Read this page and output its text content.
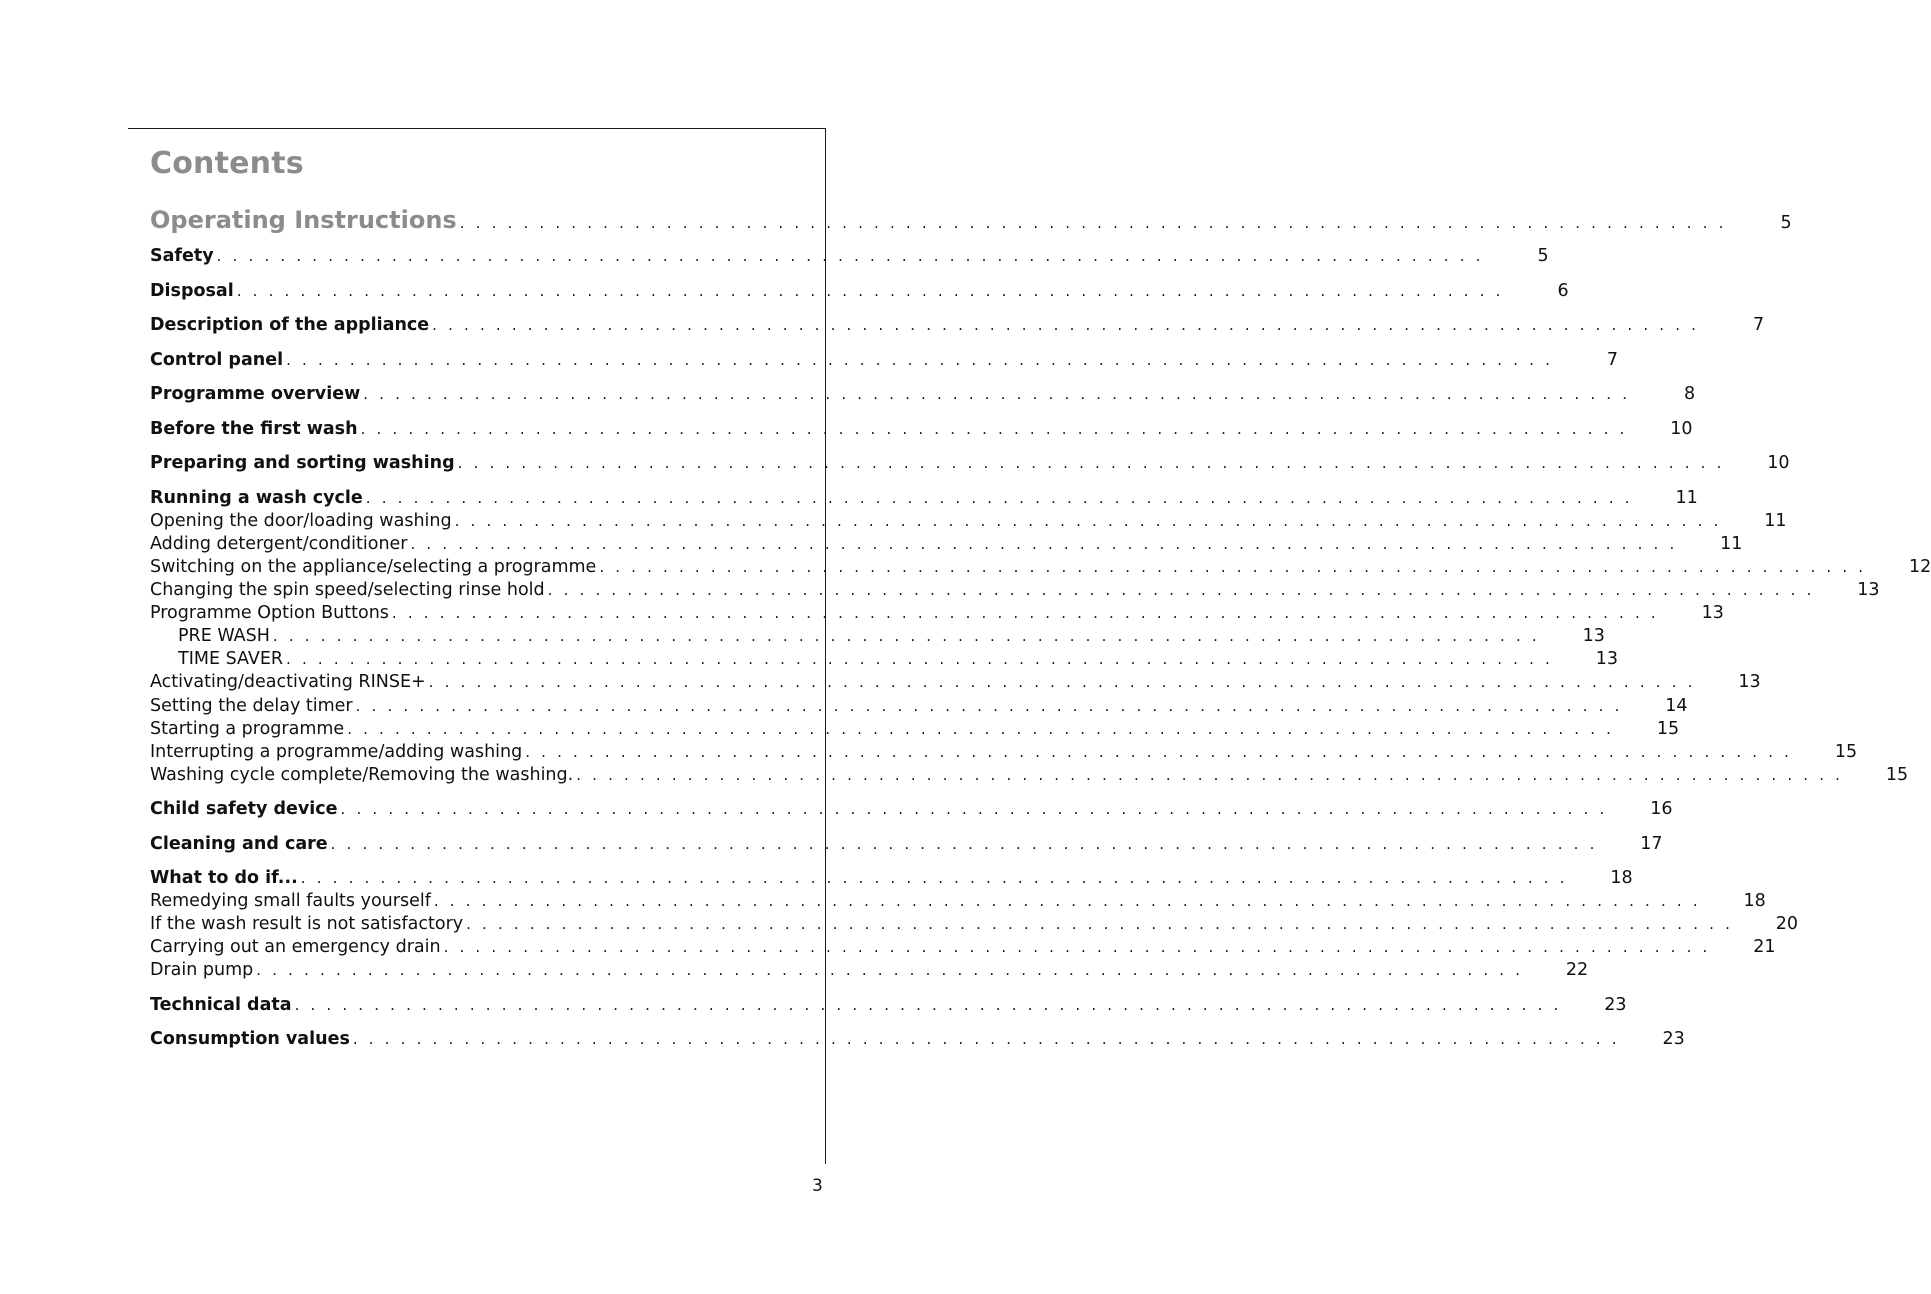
Contents
Operating Instructions . . . . . . . . . . . . . . . . . . . . . . . . . . . . . . . . . . . . . . . . . . . . . . . . . . . . . . . . . . . . . . . . . . . . . . . . . . . . . . . .	5
Safety . . . . . . . . . . . . . . . . . . . . . . . . . . . . . . . . . . . . . . . . . . . . . . . . . . . . . . . . . . . . . . . . . . . . . . . . . . . . . . . .	5
Disposal . . . . . . . . . . . . . . . . . . . . . . . . . . . . . . . . . . . . . . . . . . . . . . . . . . . . . . . . . . . . . . . . . . . . . . . . . . . . . . . .	6
Description of the appliance . . . . . . . . . . . . . . . . . . . . . . . . . . . . . . . . . . . . . . . . . . . . . . . . . . . . . . . . . . . . . . . . . . . . . . . . . . . . . . . .	7
Control panel . . . . . . . . . . . . . . . . . . . . . . . . . . . . . . . . . . . . . . . . . . . . . . . . . . . . . . . . . . . . . . . . . . . . . . . . . . . . . . . .	7
Programme overview . . . . . . . . . . . . . . . . . . . . . . . . . . . . . . . . . . . . . . . . . . . . . . . . . . . . . . . . . . . . . . . . . . . . . . . . . . . . . . . .	8
Before the first wash . . . . . . . . . . . . . . . . . . . . . . . . . . . . . . . . . . . . . . . . . . . . . . . . . . . . . . . . . . . . . . . . . . . . . . . . . . . . . . . . 10
Preparing and sorting washing . . . . . . . . . . . . . . . . . . . . . . . . . . . . . . . . . . . . . . . . . . . . . . . . . . . . . . . . . . . . . . . . . . . . . . . . . . . . . . . . 10
Running a wash cycle . . . . . . . . . . . . . . . . . . . . . . . . . . . . . . . . . . . . . . . . . . . . . . . . . . . . . . . . . . . . . . . . . . . . . . . . . . . . . . . . 11
Opening the door/loading washing . . . . . . . . . . . . . . . . . . . . . . . . . . . . . . . . . . . . . . . . . . . . . . . . . . . . . . . . . . . . . . . . . . . . . . . . . . . . . . . . 11
Adding detergent/conditioner . . . . . . . . . . . . . . . . . . . . . . . . . . . . . . . . . . . . . . . . . . . . . . . . . . . . . . . . . . . . . . . . . . . . . . . . . . . . . . . . 11
Switching on the appliance/selecting a programme . . . . . . . . . . . . . . . . . . . . . . . . . . . . . . . . . . . . . . . . . . . . . . . . . . . . . . . . . . . . . . . . . . . . . . . . . . . . . . . . 12
Changing the spin speed/selecting rinse hold . . . . . . . . . . . . . . . . . . . . . . . . . . . . . . . . . . . . . . . . . . . . . . . . . . . . . . . . . . . . . . . . . . . . . . . . . . . . . . . . 13
Programme Option Buttons . . . . . . . . . . . . . . . . . . . . . . . . . . . . . . . . . . . . . . . . . . . . . . . . . . . . . . . . . . . . . . . . . . . . . . . . . . . . . . . . 13
PRE WASH . . . . . . . . . . . . . . . . . . . . . . . . . . . . . . . . . . . . . . . . . . . . . . . . . . . . . . . . . . . . . . . . . . . . . . . . . . . . . . . . 13
TIME SAVER . . . . . . . . . . . . . . . . . . . . . . . . . . . . . . . . . . . . . . . . . . . . . . . . . . . . . . . . . . . . . . . . . . . . . . . . . . . . . . . . 13
Activating/deactivating RINSE+ . . . . . . . . . . . . . . . . . . . . . . . . . . . . . . . . . . . . . . . . . . . . . . . . . . . . . . . . . . . . . . . . . . . . . . . . . . . . . . . . 13
Setting the delay timer . . . . . . . . . . . . . . . . . . . . . . . . . . . . . . . . . . . . . . . . . . . . . . . . . . . . . . . . . . . . . . . . . . . . . . . . . . . . . . . . 14
Starting a programme . . . . . . . . . . . . . . . . . . . . . . . . . . . . . . . . . . . . . . . . . . . . . . . . . . . . . . . . . . . . . . . . . . . . . . . . . . . . . . . . 15
Interrupting a programme/adding washing . . . . . . . . . . . . . . . . . . . . . . . . . . . . . . . . . . . . . . . . . . . . . . . . . . . . . . . . . . . . . . . . . . . . . . . . . . . . . . . . 15
Washing cycle complete/Removing the washing. . . . . . . . . . . . . . . . . . . . . . . . . . . . . . . . . . . . . . . . . . . . . . . . . . . . . . . . . . . . . . . . . . . . . . . . . . . . . . . . . 15
Child safety device . . . . . . . . . . . . . . . . . . . . . . . . . . . . . . . . . . . . . . . . . . . . . . . . . . . . . . . . . . . . . . . . . . . . . . . . . . . . . . . . 16
Cleaning and care . . . . . . . . . . . . . . . . . . . . . . . . . . . . . . . . . . . . . . . . . . . . . . . . . . . . . . . . . . . . . . . . . . . . . . . . . . . . . . . . 17
What to do if... . . . . . . . . . . . . . . . . . . . . . . . . . . . . . . . . . . . . . . . . . . . . . . . . . . . . . . . . . . . . . . . . . . . . . . . . . . . . . . . . 18
Remedying small faults yourself . . . . . . . . . . . . . . . . . . . . . . . . . . . . . . . . . . . . . . . . . . . . . . . . . . . . . . . . . . . . . . . . . . . . . . . . . . . . . . . . 18
If the wash result is not satisfactory . . . . . . . . . . . . . . . . . . . . . . . . . . . . . . . . . . . . . . . . . . . . . . . . . . . . . . . . . . . . . . . . . . . . . . . . . . . . . . . . 20
Carrying out an emergency drain . . . . . . . . . . . . . . . . . . . . . . . . . . . . . . . . . . . . . . . . . . . . . . . . . . . . . . . . . . . . . . . . . . . . . . . . . . . . . . . . 21
Drain pump . . . . . . . . . . . . . . . . . . . . . . . . . . . . . . . . . . . . . . . . . . . . . . . . . . . . . . . . . . . . . . . . . . . . . . . . . . . . . . . . 22
Technical data . . . . . . . . . . . . . . . . . . . . . . . . . . . . . . . . . . . . . . . . . . . . . . . . . . . . . . . . . . . . . . . . . . . . . . . . . . . . . . . . 23
Consumption values . . . . . . . . . . . . . . . . . . . . . . . . . . . . . . . . . . . . . . . . . . . . . . . . . . . . . . . . . . . . . . . . . . . . . . . . . . . . . . . . 23
3
